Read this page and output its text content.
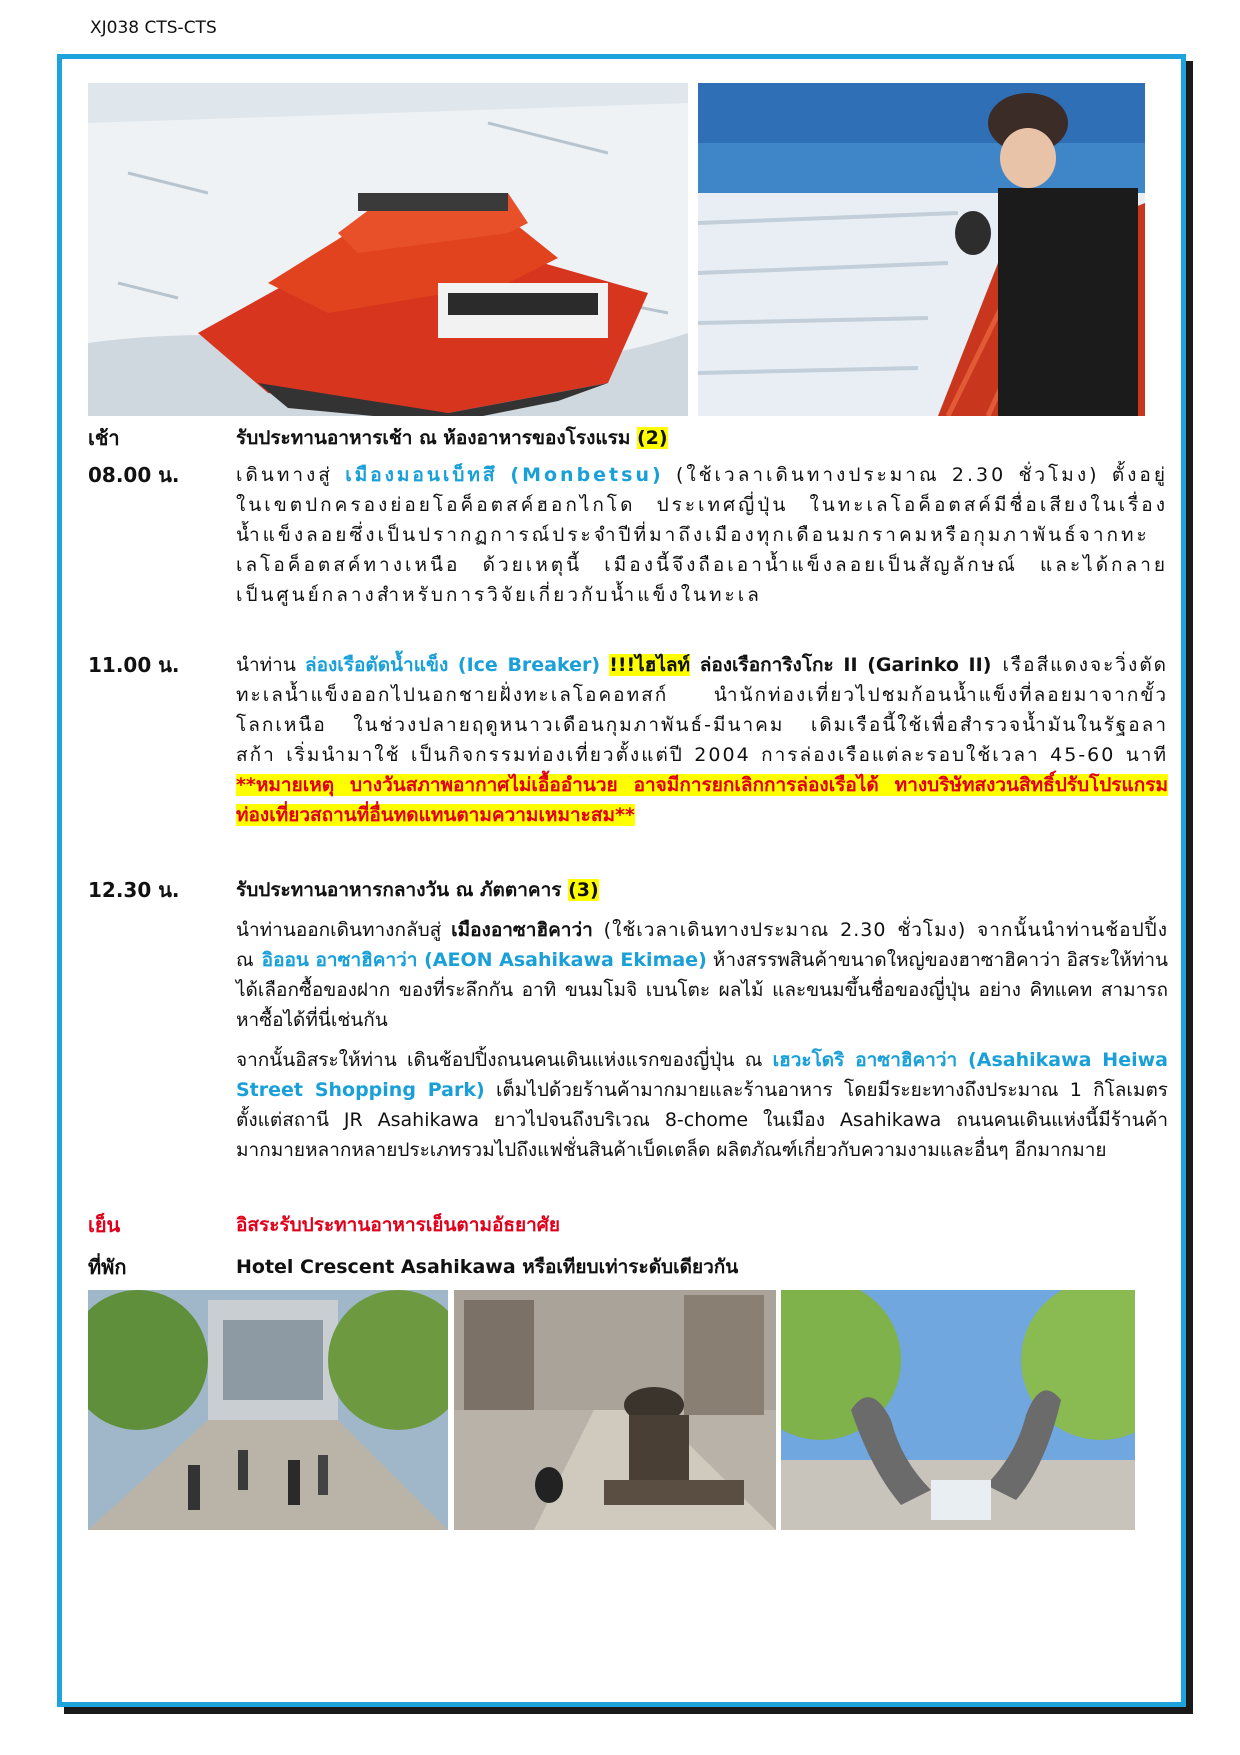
XJ038 CTS-CTS
เช้า	รับประทานอาหารเช้า ณ ห้องอาหารของโรงแรม (2)
08.00 น.	เดินทางสู่ เมืองมอนเบ็ทสึ (Monbetsu) (ใช้เวลาเดินทางประมาณ 2.30 ชั่วโมง) ตั้งอยู่ในเขตปกครองย่อยโอค็อตสค์ฮอกไกโด ประเทศญี่ปุ่น ในทะเลโอค็อตสค์มีชื่อเสียงในเรื่องน้ำแข็งลอยซึ่งเป็นปรากฏการณ์ประจำปีที่มาถึงเมืองทุกเดือนมกราคมหรือกุมภาพันธ์จากทะเลโอค็อตสค์ทางเหนือ ด้วยเหตุนี้ เมืองนี้จึงถือเอาน้ำแข็งลอยเป็นสัญลักษณ์ และได้กลายเป็นศูนย์กลางสำหรับการวิจัยเกี่ยวกับน้ำแข็งในทะเล
11.00 น.	นำท่าน ล่องเรือตัดน้ำแข็ง (Ice Breaker) !!!ไฮไลท์ ล่องเรือการิงโกะ II (Garinko II) เรือสีแดงจะวิ่งตัดทะเลน้ำแข็งออกไปนอกชายฝั่งทะเลโอคอทสก์ นำนักท่องเที่ยวไปชมก้อนน้ำแข็งที่ลอยมาจากขั้วโลกเหนือ ในช่วงปลายฤดูหนาวเดือนกุมภาพันธ์-มีนาคม เดิมเรือนี้ใช้เพื่อสำรวจน้ำมันในรัฐอลาสก้า เริ่มนำมาใช้ เป็นกิจกรรมท่องเที่ยวตั้งแต่ปี 2004 การล่องเรือแต่ละรอบใช้เวลา 45-60 นาที **หมายเหตุ บางวันสภาพอากาศไม่เอื้ออำนวย อาจมีการยกเลิกการล่องเรือได้ ทางบริษัทสงวนสิทธิ์ปรับโปรแกรมท่องเที่ยวสถานที่อื่นทดแทนตามความเหมาะสม**
12.30 น.	รับประทานอาหารกลางวัน ณ ภัตตาคาร (3)
นำท่านออกเดินทางกลับสู่ เมืองอาซาฮิคาว่า (ใช้เวลาเดินทางประมาณ 2.30 ชั่วโมง) จากนั้นนำท่านช้อปปิ้ง ณ อิออน อาซาฮิคาว่า (AEON Asahikawa Ekimae) ห้างสรรพสินค้าขนาดใหญ่ของฮาซาฮิคาว่า อิสระให้ท่านได้เลือกซื้อของฝาก ของที่ระลึกกัน อาทิ ขนมโมจิ เบนโตะ ผลไม้ และขนมขึ้นชื่อของญี่ปุ่น อย่าง คิทแคท สามารถหาซื้อได้ที่นี่เช่นกัน
จากนั้นอิสระให้ท่าน เดินช้อปปิ้งถนนคนเดินแห่งแรกของญี่ปุ่น ณ เฮวะโดริ อาซาฮิคาว่า (Asahikawa Heiwa Street Shopping Park) เต็มไปด้วยร้านค้ามากมายและร้านอาหาร โดยมีระยะทางถึงประมาณ 1 กิโลเมตรตั้งแต่สถานี JR Asahikawa ยาวไปจนถึงบริเวณ 8-chome ในเมือง Asahikawa ถนนคนเดินแห่งนี้มีร้านค้ามากมายหลากหลายประเภทรวมไปถึงแฟชั่นสินค้าเบ็ดเตล็ด ผลิตภัณฑ์เกี่ยวกับความงามและอื่นๆ อีกมากมาย
เย็น	อิสระรับประทานอาหารเย็นตามอัธยาศัย
ที่พัก	Hotel Crescent Asahikawa หรือเทียบเท่าระดับเดียวกัน
